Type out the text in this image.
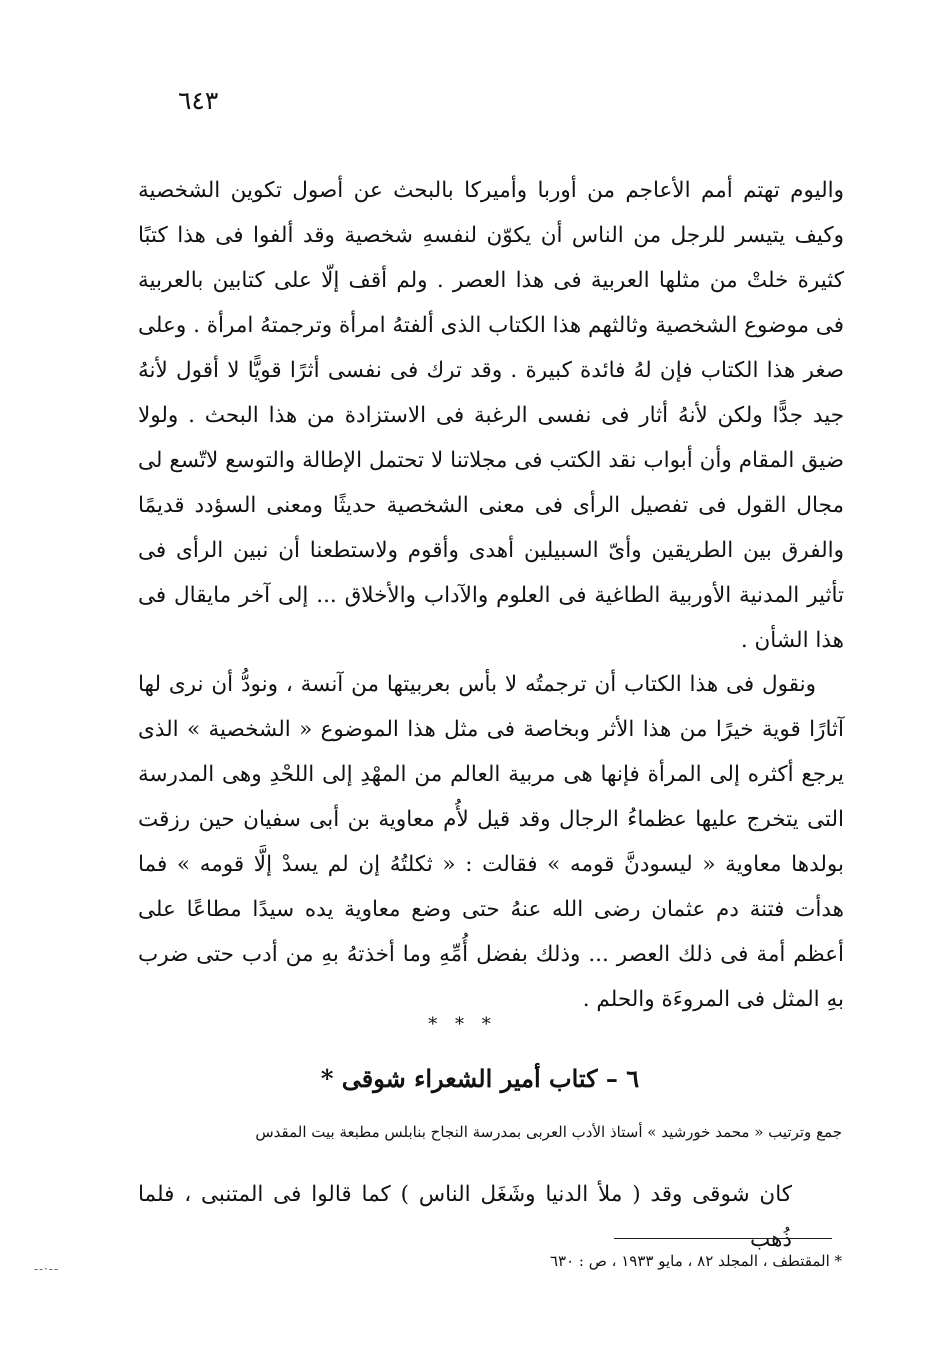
٦٤٣

واليوم تهتم أمم الأعاجم من أوربا وأميركا بالبحث عن أصول تكوين الشخصية وكيف يتيسر للرجل من الناس أن يكوّن لنفسهِ شخصية وقد ألفوا فى هذا كتبًا كثيرة خلتْ من مثلها العربية فى هذا العصر . ولم أقف إلّا على كتابين بالعربية فى موضوع الشخصية وثالثهم هذا الكتاب الذى ألفتهُ امرأة وترجمتهُ امرأة . وعلى صغر هذا الكتاب فإن لهُ فائدة كبيرة . وقد ترك فى نفسى أثرًا قويًّا لا أقول لأنهُ جيد جدًّا ولكن لأنهُ أثار فى نفسى الرغبة فى الاستزادة من هذا البحث . ولولا ضيق المقام وأن أبواب نقد الكتب فى مجلاتنا لا تحتمل الإطالة والتوسع لاتّسع لى مجال القول فى تفصيل الرأى فى معنى الشخصية حديثًا ومعنى السؤدد قديمًا والفرق بين الطريقين وأىّ السبيلين أهدى وأقوم ولاستطعنا أن نبين الرأى فى تأثير المدنية الأوربية الطاغية فى العلوم والآداب والأخلاق ... إلى آخر مايقال فى هذا الشأن .

ونقول فى هذا الكتاب أن ترجمتُه لا بأس بعربيتها من آنسة ، ونودُّ أن نرى لها آثارًا قوية خيرًا من هذا الأثر وبخاصة فى مثل هذا الموضوع « الشخصية » الذى يرجع أكثره إلى المرأة فإنها هى مربية العالم من المهْدِ إلى اللحْدِ وهى المدرسة التى يتخرج عليها عظماءُ الرجال وقد قيل لأُم معاوية بن أبى سفيان حين رزقت بولدها معاوية « ليسودنَّ قومه » فقالت : « ثكلتُهُ إن لم يسدْ إلَّا قومه » فما هدأت فتنة دم عثمان رضى الله عنهُ حتى وضع معاوية يده سيدًا مطاعًا على أعظم أمة فى ذلك العصر ... وذلك بفضل أُمِّهِ وما أخذتهُ بهِ من أدب حتى ضرب بهِ المثل فى المروءَة والحلم .

* * *
٦ – كتاب أمير الشعراء شوقى *
جمع وترتيب « محمد خورشيد » أستاذ الأدب العربى بمدرسة النجاح بنابلس مطبعة بيت المقدس
كان شوقى وقد ( ملأ الدنيا وشَغَل الناس ) كما قالوا فى المتنبى ، فلما ذُهب
* المقتطف ، المجلد ٨٢ ، مايو ١٩٣٣ ، ص : ٦٣٠
--·--
